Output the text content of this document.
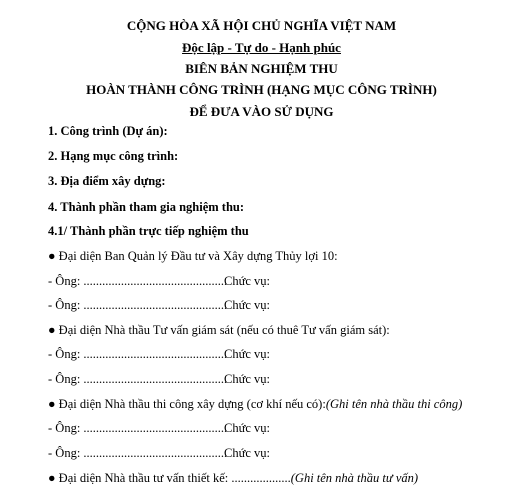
CỘNG HÒA XÃ HỘI CHỦ NGHĨA VIỆT NAM
Độc lập - Tự do - Hạnh phúc
BIÊN BẢN NGHIỆM THU
HOÀN THÀNH CÔNG TRÌNH (HẠNG MỤC CÔNG TRÌNH)
ĐỂ ĐƯA VÀO SỬ DỤNG
1. Công trình (Dự án):
2. Hạng mục công trình:
3. Địa điểm xây dựng:
4. Thành phần tham gia nghiệm thu:
4.1/ Thành phần trực tiếp nghiệm thu
● Đại diện Ban Quản lý Đầu tư và Xây dựng Thủy lợi 10:
- Ông: ..............................................
Chức vụ:
- Ông: ..............................................
Chức vụ:
● Đại diện Nhà thầu Tư vấn giám sát (nếu có thuê Tư vấn giám sát):
- Ông: ..............................................
Chức vụ:
- Ông: ..............................................
Chức vụ:
● Đại diện Nhà thầu thi công xây dựng (cơ khí nếu có):(Ghi tên nhà thầu thi công)
- Ông: ..............................................
Chức vụ:
- Ông: ..............................................
Chức vụ:
● Đại diện Nhà thầu tư vấn thiết kế: ...................(Ghi tên nhà thầu tư vấn)
